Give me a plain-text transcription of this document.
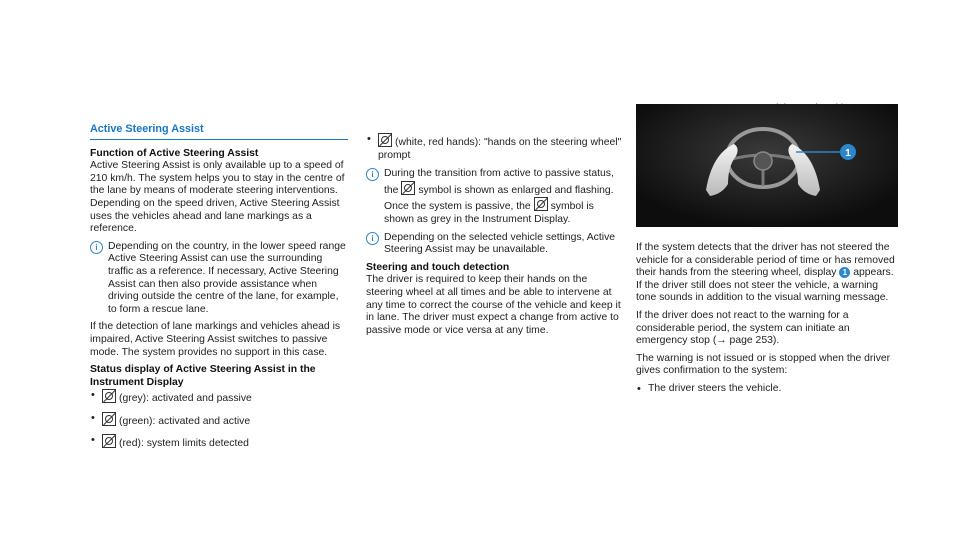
Active Steering Assist
Function of Active Steering Assist

Active Steering Assist is only available up to a speed of 210 km/h. The system helps you to stay in the centre of the lane by means of moderate steering interventions. Depending on the speed driven, Active Steering Assist uses the vehicles ahead and lane markings as a reference.

i Depending on the country, in the lower speed range Active Steering Assist can use the surrounding traffic as a reference. If necessary, Active Steering Assist can then also provide assistance when driving outside the centre of the lane, for example, to form a rescue lane.

If the detection of lane markings and vehicles ahead is impaired, Active Steering Assist switches to passive mode. The system provides no support in this case.

Status display of Active Steering Assist in the Instrument Display
• (grey): activated and passive
• (green): activated and active
• (red): system limits detected
• (white, red hands): "hands on the steering wheel" prompt
i During the transition from active to passive status, the symbol is shown as enlarged and flashing. Once the system is passive, the symbol is shown as grey in the Instrument Display.
i Depending on the selected vehicle settings, Active Steering Assist may be unavailable.
Steering and touch detection

The driver is required to keep their hands on the steering wheel at all times and be able to intervene at any time to correct the course of the vehicle and keep it in lane. The driver must expect a change from active to passive mode or vice versa at any time.

1

If the system detects that the driver has not steered the vehicle for a considerable period of time or has removed their hands from the steering wheel, display 1 appears. If the driver still does not steer the vehicle, a warning tone sounds in addition to the visual warning message.

If the driver does not react to the warning for a considerable period, the system can initiate an emergency stop (→ page 253).

The warning is not issued or is stopped when the driver gives confirmation to the system:

• The driver steers the vehicle.
